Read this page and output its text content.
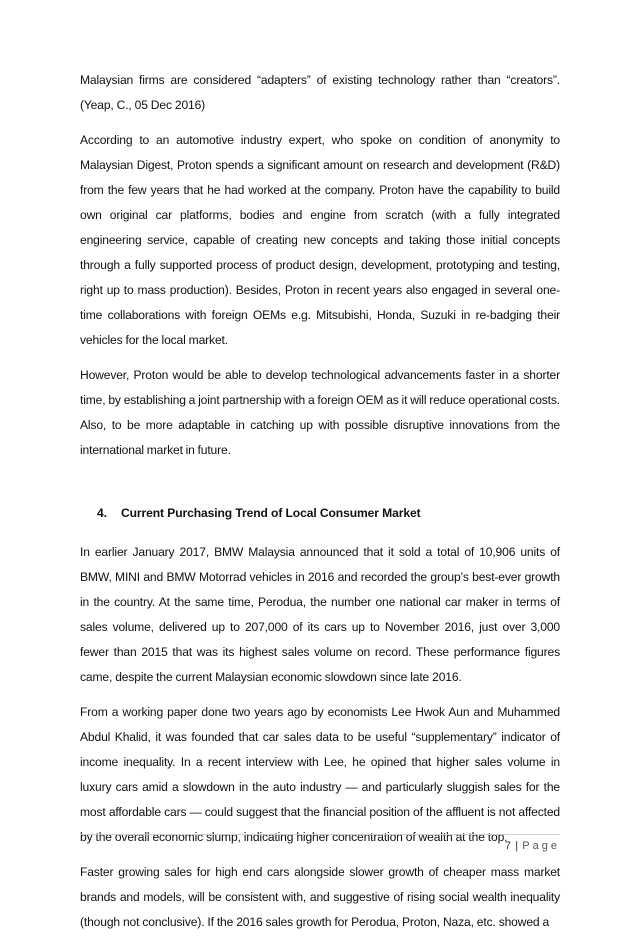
Malaysian firms are considered “adapters” of existing technology rather than “creators”. (Yeap, C., 05 Dec 2016)

According to an automotive industry expert, who spoke on condition of anonymity to Malaysian Digest, Proton spends a significant amount on research and development (R&D) from the few years that he had worked at the company. Proton have the capability to build own original car platforms, bodies and engine from scratch (with a fully integrated engineering service, capable of creating new concepts and taking those initial concepts through a fully supported process of product design, development, prototyping and testing, right up to mass production). Besides, Proton in recent years also engaged in several one-time collaborations with foreign OEMs e.g. Mitsubishi, Honda, Suzuki in re-badging their vehicles for the local market.

However, Proton would be able to develop technological advancements faster in a shorter time, by establishing a joint partnership with a foreign OEM as it will reduce operational costs. Also, to be more adaptable in catching up with possible disruptive innovations from the international market in future.

4.	Current Purchasing Trend of Local Consumer Market

In earlier January 2017, BMW Malaysia announced that it sold a total of 10,906 units of BMW, MINI and BMW Motorrad vehicles in 2016 and recorded the group’s best-ever growth in the country. At the same time, Perodua, the number one national car maker in terms of sales volume, delivered up to 207,000 of its cars up to November 2016, just over 3,000 fewer than 2015 that was its highest sales volume on record. These performance figures came, despite the current Malaysian economic slowdown since late 2016.

From a working paper done two years ago by economists Lee Hwok Aun and Muhammed Abdul Khalid, it was founded that car sales data to be useful “supplementary” indicator of income inequality. In a recent interview with Lee, he opined that higher sales volume in luxury cars amid a slowdown in the auto industry — and particularly sluggish sales for the most affordable cars — could suggest that the financial position of the affluent is not affected by the overall economic slump, indicating higher concentration of wealth at the top.

Faster growing sales for high end cars alongside slower growth of cheaper mass market brands and models, will be consistent with, and suggestive of rising social wealth inequality (though not conclusive). If the 2016 sales growth for Perodua, Proton, Naza, etc. showed a

7 | Page
